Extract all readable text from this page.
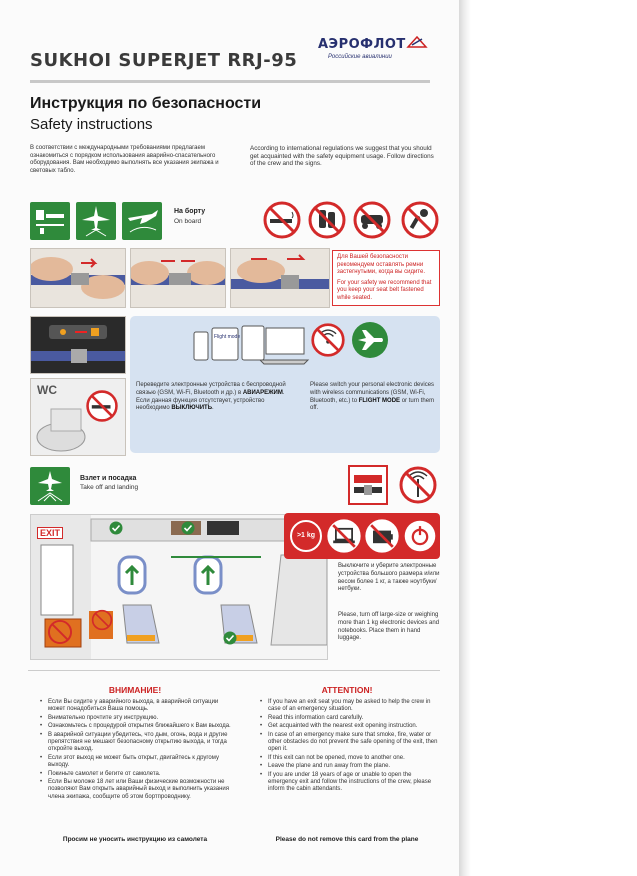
SUKHOI SUPERJET RRJ-95
АЭРОФЛОТ
Российские авиалинии
Инструкция по безопасности
Safety instructions
В соответствии с международными требованиями предлагаем ознакомиться с порядком использования аварийно-спасательного оборудования. Вам необходимо выполнять все указания экипажа и световых табло.
According to international regulations we suggest that you should get acquainted with the safety equipment usage. Follow directions of the crew and the signs.
На борту
On board
Для Вашей безопасности рекомендуем оставлять ремни застегнутыми, когда вы сидите.
For your safety we recommend that you keep your seat belt fastened while seated.
WC
Flight mode
Переведите электронные устройства с беспроводной связью (GSM, Wi-Fi, Bluetooth и др.) в АВИАРЕЖИМ. Если данная функция отсутствует, устройство необходимо ВЫКЛЮЧИТЬ.
Please switch your personal electronic devices with wireless communications (GSM, Wi-Fi, Bluetooth, etc.) to FLIGHT MODE or turn them off.
Взлет и посадка
Take off and landing
EXIT	>1 kg
Выключите и уберите электронные устройства большого размера и/или весом более 1 кг, а также ноутбуки/нетбуки.
Please, turn off large-size or weighing more than 1 kg electronic devices and notebooks. Place them in hand luggage.
ВНИМАНИЕ!
• Если Вы сидите у аварийного выхода, в аварийной ситуации может понадобиться Ваша помощь.
• Внимательно прочтите эту инструкцию.
• Ознакомьтесь с процедурой открытия ближайшего к Вам выхода.
• В аварийной ситуации убедитесь, что дым, огонь, вода и другие препятствия не мешают безопасному открытию выхода, и тогда откройте выход.
• Если этот выход не может быть открыт, двигайтесь к другому выходу.
• Покиньте самолет и бегите от самолета.
• Если Вы моложе 18 лет или Ваши физические возможности не позволяют Вам открыть аварийный выход и выполнить указания члена экипажа, сообщите об этом бортпроводнику.
Просим не уносить инструкцию из самолета
ATTENTION!
• If you have an exit seat you may be asked to help the crew in case of an emergency situation.
• Read this information card carefully.
• Get acquainted with the nearest exit opening instruction.
• In case of an emergency make sure that smoke, fire, water or other obstacles do not prevent the safe opening of the exit, then open it.
• If this exit can not be opened, move to another one.
• Leave the plane and run away from the plane.
• If you are under 18 years of age or unable to open the emergency exit and follow the instructions of the crew, please inform the cabin attendants.
Please do not remove this card from the plane
